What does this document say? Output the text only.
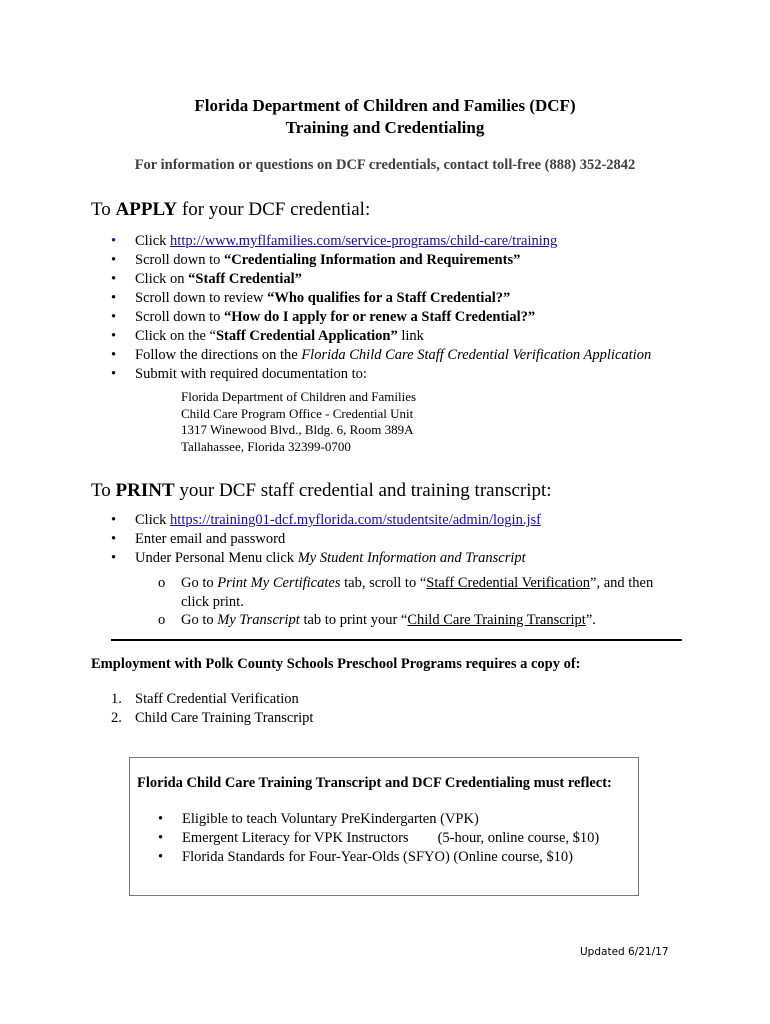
Florida Department of Children and Families (DCF)
Training and Credentialing
For information or questions on DCF credentials, contact toll-free (888) 352-2842
To APPLY for your DCF credential:
• Click http://www.myflfamilies.com/service-programs/child-care/training
• Scroll down to “Credentialing Information and Requirements”
• Click on “Staff Credential”
• Scroll down to review “Who qualifies for a Staff Credential?”
• Scroll down to “How do I apply for or renew a Staff Credential?”
• Click on the “Staff Credential Application” link
• Follow the directions on the Florida Child Care Staff Credential Verification Application
• Submit with required documentation to:
Florida Department of Children and Families
Child Care Program Office - Credential Unit
1317 Winewood Blvd., Bldg. 6, Room 389A
Tallahassee, Florida 32399-0700
To PRINT your DCF staff credential and training transcript:
• Click https://training01-dcf.myflorida.com/studentsite/admin/login.jsf
• Enter email and password
• Under Personal Menu click My Student Information and Transcript
o Go to Print My Certificates tab, scroll to “Staff Credential Verification”, and then
click print.
o Go to My Transcript tab to print your “Child Care Training Transcript”.
Employment with Polk County Schools Preschool Programs requires a copy of:
1. Staff Credential Verification
2. Child Care Training Transcript
Florida Child Care Training Transcript and DCF Credentialing must reflect:
• Eligible to teach Voluntary PreKindergarten (VPK)
• Emergent Literacy for VPK Instructors        (5-hour, online course, $10)
• Florida Standards for Four-Year-Olds (SFYO) (Online course, $10)
Updated 6/21/17
